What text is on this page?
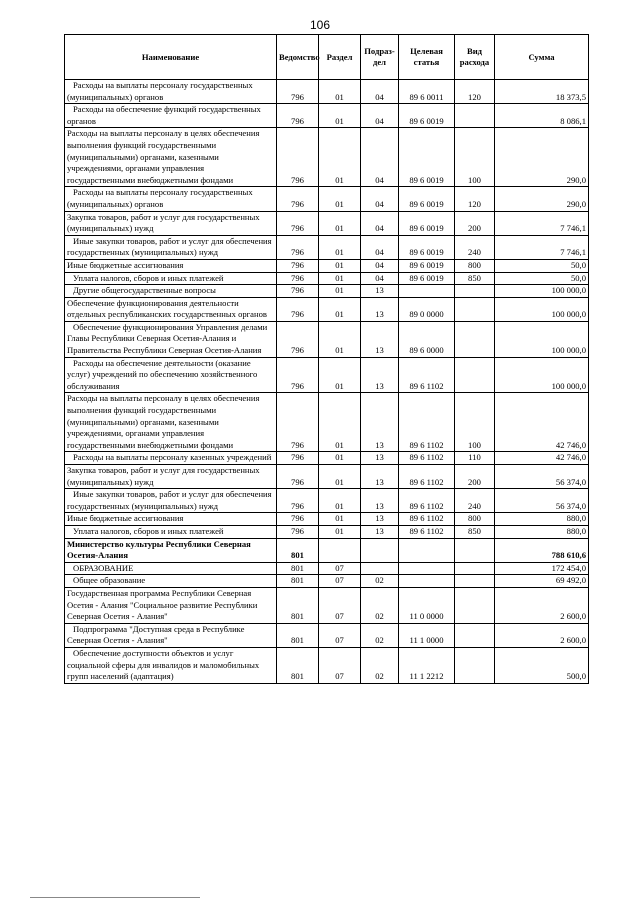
106
Наименование	Ведомство	Раздел	Подраз-дел	Целевая статья	Вид расхода	Сумма
Расходы на выплаты персоналу государственных (муниципальных) органов	796	01	04	89 6 0011	120	18 373,5
Расходы на обеспечение функций государственных органов	796	01	04	89 6 0019		8 086,1
Расходы на выплаты персоналу в целях обеспечения выполнения функций государственными (муниципальными) органами, казенными учреждениями, органами управления государственными внебюджетными фондами	796	01	04	89 6 0019	100	290,0
Расходы на выплаты персоналу государственных (муниципальных) органов	796	01	04	89 6 0019	120	290,0
Закупка товаров, работ и услуг для государственных (муниципальных) нужд	796	01	04	89 6 0019	200	7 746,1
Иные закупки товаров, работ и услуг для обеспечения государственных (муниципальных) нужд	796	01	04	89 6 0019	240	7 746,1
Иные бюджетные ассигнования	796	01	04	89 6 0019	800	50,0
Уплата налогов, сборов и иных платежей	796	01	04	89 6 0019	850	50,0
Другие общегосударственные вопросы	796	01	13			100 000,0
Обеспечение функционирования деятельности отдельных республиканских государственных органов	796	01	13	89 0 0000		100 000,0
Обеспечение функционирования Управления делами Главы Республики Северная Осетия-Алания и Правительства Республики Северная Осетия-Алания	796	01	13	89 6 0000		100 000,0
Расходы на обеспечение деятельности (оказание услуг) учреждений по обеспечению хозяйственного обслуживания	796	01	13	89 6 1102		100 000,0
Расходы на выплаты персоналу в целях обеспечения выполнения функций государственными (муниципальными) органами, казенными учреждениями, органами управления государственными внебюджетными фондами	796	01	13	89 6 1102	100	42 746,0
Расходы на выплаты персоналу казенных учреждений	796	01	13	89 6 1102	110	42 746,0
Закупка товаров, работ и услуг для государственных (муниципальных) нужд	796	01	13	89 6 1102	200	56 374,0
Иные закупки товаров, работ и услуг для обеспечения государственных (муниципальных) нужд	796	01	13	89 6 1102	240	56 374,0
Иные бюджетные ассигнования	796	01	13	89 6 1102	800	880,0
Уплата налогов, сборов и иных платежей	796	01	13	89 6 1102	850	880,0
Министерство культуры Республики Северная Осетия-Алания	801					788 610,6
ОБРАЗОВАНИЕ	801	07				172 454,0
Общее образование	801	07	02			69 492,0
Государственная программа Республики Северная Осетия - Алания "Социальное развитие Республики Северная Осетия - Алания"	801	07	02	11 0 0000		2 600,0
Подпрограмма "Доступная среда в Республике Северная Осетия - Алания"	801	07	02	11 1 0000		2 600,0
Обеспечение доступности объектов и услуг социальной сферы для инвалидов и маломобильных групп населений (адаптация)	801	07	02	11 1 2212		500,0
